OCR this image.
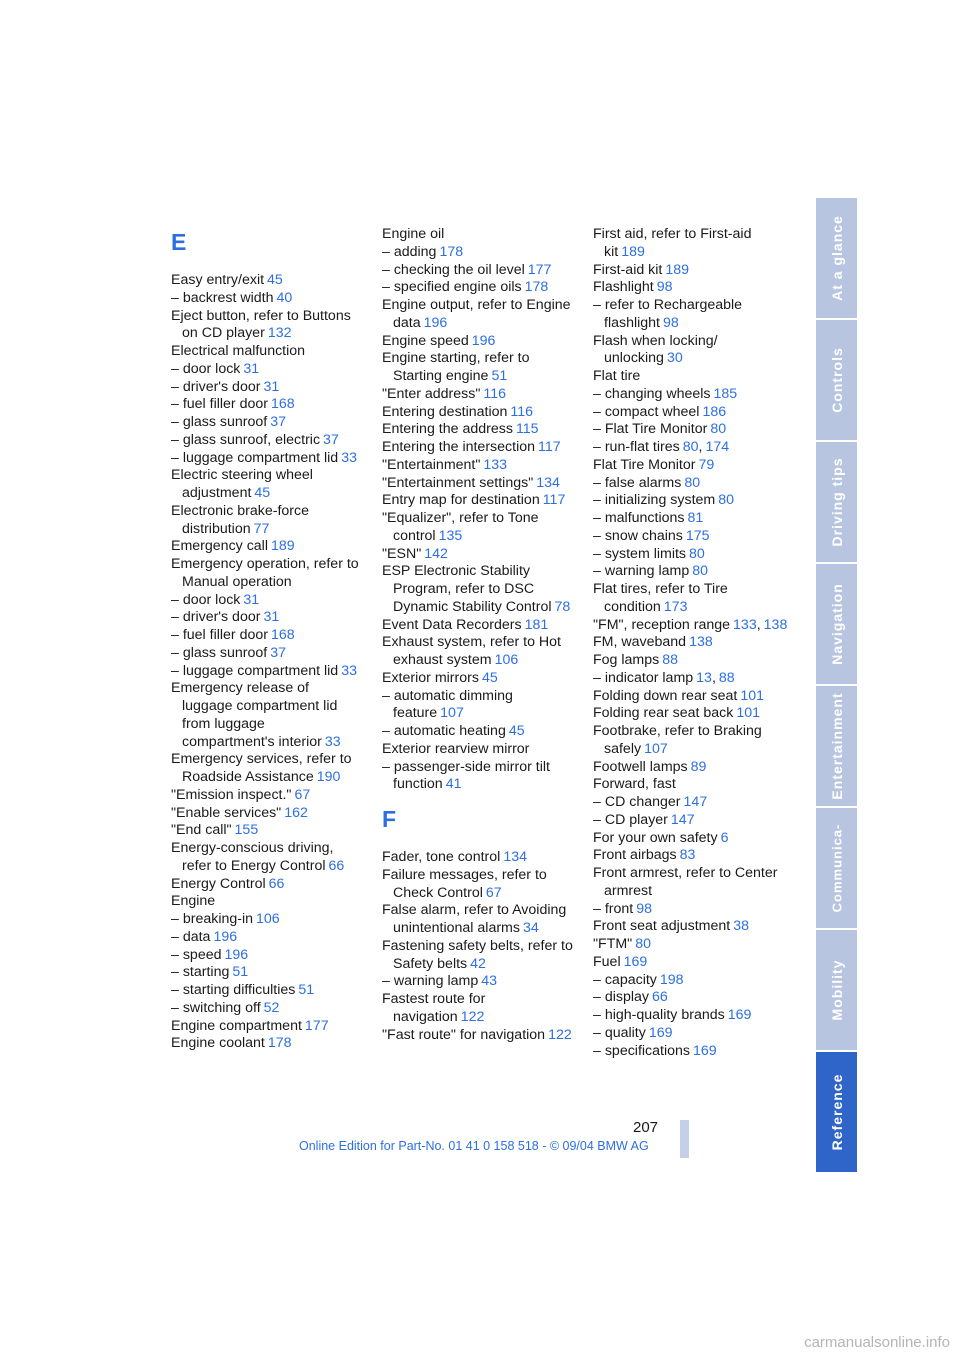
E
Easy entry/exit 45
– backrest width 40
Eject button, refer to Buttons on CD player 132
Electrical malfunction
– door lock 31
– driver's door 31
– fuel filler door 168
– glass sunroof 37
– glass sunroof, electric 37
– luggage compartment lid 33
Electric steering wheel adjustment 45
Electronic brake-force distribution 77
Emergency call 189
Emergency operation, refer to Manual operation
– door lock 31
– driver's door 31
– fuel filler door 168
– glass sunroof 37
– luggage compartment lid 33
Emergency release of luggage compartment lid from luggage compartment's interior 33
Emergency services, refer to Roadside Assistance 190
"Emission inspect." 67
"Enable services" 162
"End call" 155
Energy-conscious driving, refer to Energy Control 66
Energy Control 66
Engine
– breaking-in 106
– data 196
– speed 196
– starting 51
– starting difficulties 51
– switching off 52
Engine compartment 177
Engine coolant 178
Engine oil
– adding 178
– checking the oil level 177
– specified engine oils 178
Engine output, refer to Engine data 196
Engine speed 196
Engine starting, refer to Starting engine 51
"Enter address" 116
Entering destination 116
Entering the address 115
Entering the intersection 117
"Entertainment" 133
"Entertainment settings" 134
Entry map for destination 117
"Equalizer", refer to Tone control 135
"ESN" 142
ESP Electronic Stability Program, refer to DSC Dynamic Stability Control 78
Event Data Recorders 181
Exhaust system, refer to Hot exhaust system 106
Exterior mirrors 45
– automatic dimming feature 107
– automatic heating 45
Exterior rearview mirror
– passenger-side mirror tilt function 41
F
Fader, tone control 134
Failure messages, refer to Check Control 67
False alarm, refer to Avoiding unintentional alarms 34
Fastening safety belts, refer to Safety belts 42
– warning lamp 43
Fastest route for navigation 122
"Fast route" for navigation 122
First aid, refer to First-aid kit 189
First-aid kit 189
Flashlight 98
– refer to Rechargeable flashlight 98
Flash when locking/ unlocking 30
Flat tire
– changing wheels 185
– compact wheel 186
– Flat Tire Monitor 80
– run-flat tires 80, 174
Flat Tire Monitor 79
– false alarms 80
– initializing system 80
– malfunctions 81
– snow chains 175
– system limits 80
– warning lamp 80
Flat tires, refer to Tire condition 173
"FM", reception range 133, 138
FM, waveband 138
Fog lamps 88
– indicator lamp 13, 88
Folding down rear seat 101
Folding rear seat back 101
Footbrake, refer to Braking safely 107
Footwell lamps 89
Forward, fast
– CD changer 147
– CD player 147
For your own safety 6
Front airbags 83
Front armrest, refer to Center armrest
– front 98
Front seat adjustment 38
"FTM" 80
Fuel 169
– capacity 198
– display 66
– high-quality brands 169
– quality 169
– specifications 169
At a glance
Controls
Driving tips
Navigation
Entertainment
Communica-
Mobility
Reference
207
Online Edition for Part-No. 01 41 0 158 518 - © 09/04 BMW AG
carmanualsonline.info
